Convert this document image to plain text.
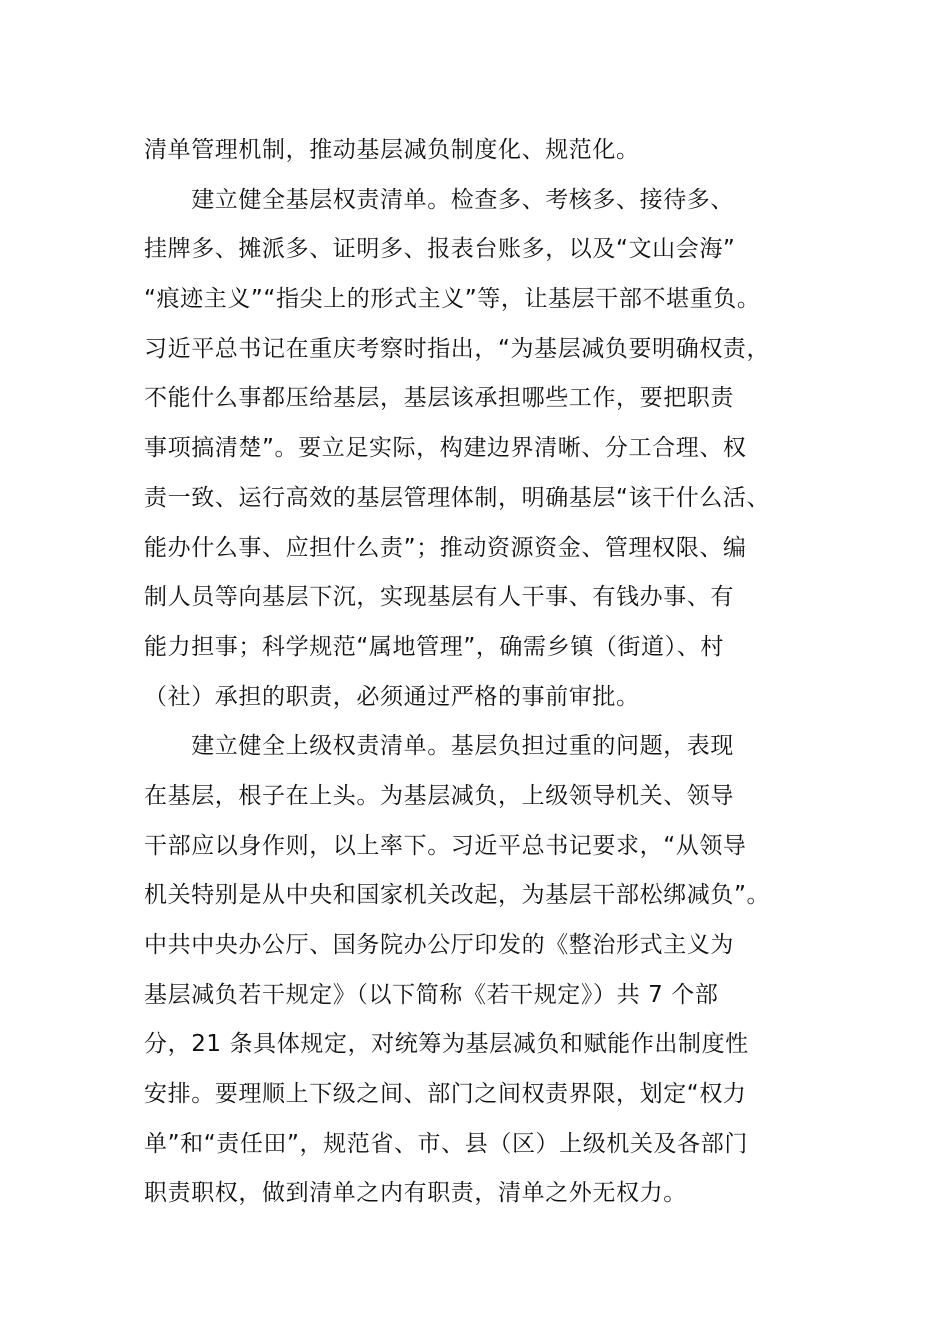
清单管理机制，推动基层减负制度化、规范化。
　　建立健全基层权责清单。检查多、考核多、接待多、
挂牌多、摊派多、证明多、报表台账多，以及“文山会海”
“痕迹主义”“指尖上的形式主义”等，让基层干部不堪重负。
习近平总书记在重庆考察时指出，“为基层减负要明确权责，
不能什么事都压给基层，基层该承担哪些工作，要把职责
事项搞清楚”。要立足实际，构建边界清晰、分工合理、权
责一致、运行高效的基层管理体制，明确基层“该干什么活、
能办什么事、应担什么责”；推动资源资金、管理权限、编
制人员等向基层下沉，实现基层有人干事、有钱办事、有
能力担事；科学规范“属地管理”，确需乡镇（街道）、村
（社）承担的职责，必须通过严格的事前审批。
　　建立健全上级权责清单。基层负担过重的问题，表现
在基层，根子在上头。为基层减负，上级领导机关、领导
干部应以身作则，以上率下。习近平总书记要求，“从领导
机关特别是从中央和国家机关改起，为基层干部松绑减负”。
中共中央办公厅、国务院办公厅印发的《整治形式主义为
基层减负若干规定》（以下简称《若干规定》）共 7 个部
分，21 条具体规定，对统筹为基层减负和赋能作出制度性
安排。要理顺上下级之间、部门之间权责界限，划定“权力
单”和“责任田”，规范省、市、县（区）上级机关及各部门
职责职权，做到清单之内有职责，清单之外无权力。
